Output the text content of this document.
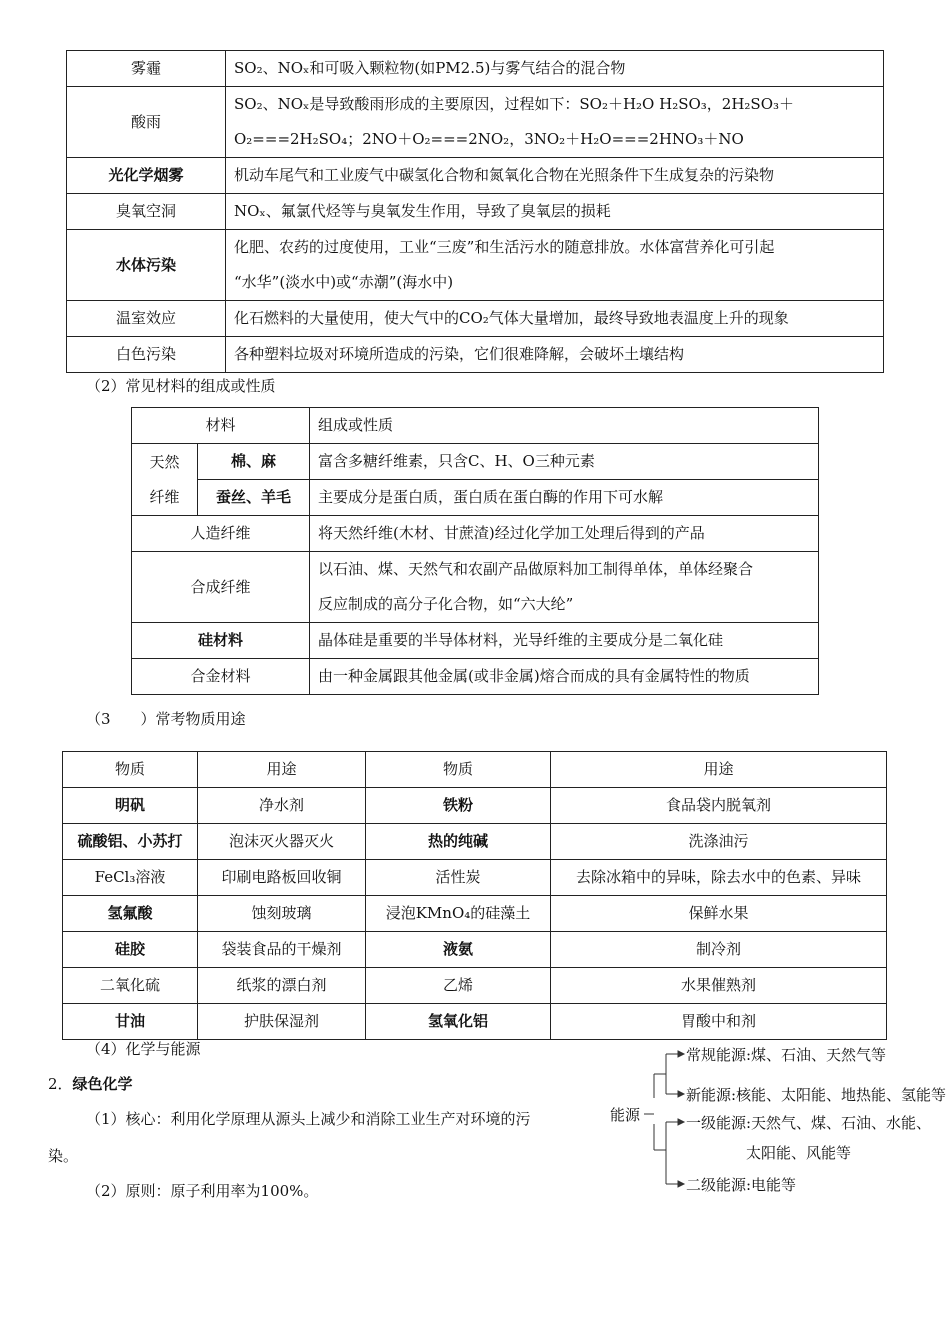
雾霾	SO₂、NOₓ和可吸入颗粒物(如PM2.5)与雾气结合的混合物
酸雨	SO₂、NOₓ是导致酸雨形成的主要原因，过程如下：SO₂＋H₂O H₂SO₃，2H₂SO₃＋
O₂===2H₂SO₄；2NO＋O₂===2NO₂，3NO₂＋H₂O===2HNO₃＋NO

光化学烟雾	机动车尾气和工业废气中碳氢化合物和氮氧化合物在光照条件下生成复杂的污染物
臭氧空洞	NOₓ、氟氯代烃等与臭氧发生作用，导致了臭氧层的损耗
水体污染	化肥、农药的过度使用，工业“三废”和生活污水的随意排放。水体富营养化可引起
“水华”(淡水中)或“赤潮”(海水中)

温室效应	化石燃料的大量使用，使大气中的CO₂气体大量增加，最终导致地表温度上升的现象
白色污染	各种塑料垃圾对环境所造成的污染，它们很难降解，会破坏土壤结构
（2）常见材料的组成或性质
材料		组成或性质

天然
纤维	棉、麻	富含多糖纤维素，只含C、H、O三种元素
	蚕丝、羊毛	主要成分是蛋白质，蛋白质在蛋白酶的作用下可水解
人造纤维		将天然纤维(木材、甘蔗渣)经过化学加工处理后得到的产品
合成纤维		以石油、煤、天然气和农副产品做原料加工制得单体，单体经聚合
反应制成的高分子化合物，如“六大纶”

硅材料		晶体硅是重要的半导体材料，光导纤维的主要成分是二氧化硅
合金材料		由一种金属跟其他金属(或非金属)熔合而成的具有金属特性的物质
（3　　）常考物质用途
物质	用途	物质	用途
明矾	净水剂	铁粉	食品袋内脱氧剂
硫酸铝、小苏打	泡沫灭火器灭火	热的纯碱	洗涤油污
FeCl₃溶液	印刷电路板回收铜	活性炭	去除冰箱中的异味，除去水中的色素、异味
氢氟酸	蚀刻玻璃	浸泡KMnO₄的硅藻土	保鲜水果
硅胶	袋装食品的干燥剂	液氨	制冷剂
二氧化硫	纸浆的漂白剂	乙烯	水果催熟剂
甘油	护肤保湿剂	氢氧化铝	胃酸中和剂
（4）化学与能源
2．绿色化学
（1）核心：利用化学原理从源头上减少和消除工业生产对环境的污
染。
（2）原则：原子利用率为100%。
能源
常规能源:煤、石油、天然气等
新能源:核能、太阳能、地热能、氢能等
一级能源:天然气、煤、石油、水能、
太阳能、风能等
二级能源:电能等
